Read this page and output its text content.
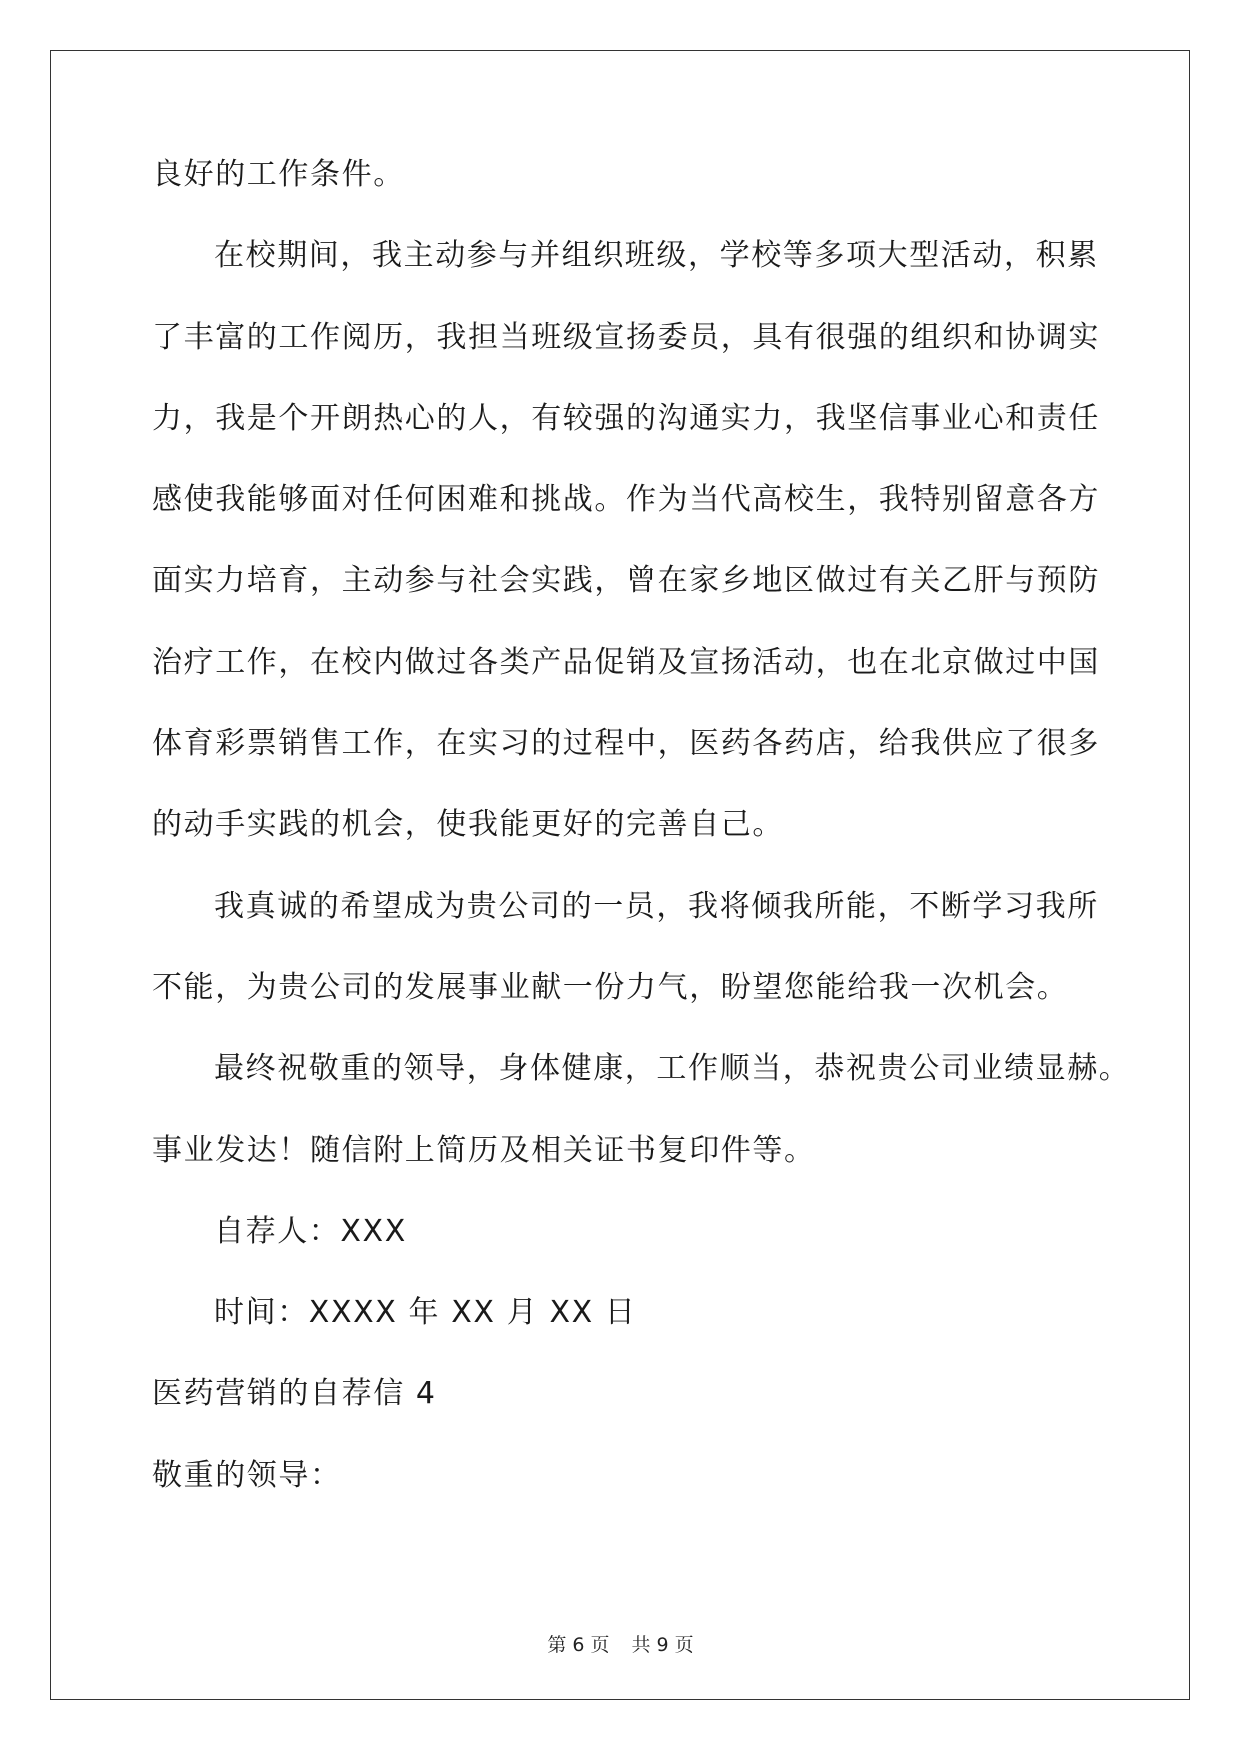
良好的工作条件。
在校期间，我主动参与并组织班级，学校等多项大型活动，积累
了丰富的工作阅历，我担当班级宣扬委员，具有很强的组织和协调实
力，我是个开朗热心的人，有较强的沟通实力，我坚信事业心和责任
感使我能够面对任何困难和挑战。作为当代高校生，我特别留意各方
面实力培育，主动参与社会实践，曾在家乡地区做过有关乙肝与预防
治疗工作，在校内做过各类产品促销及宣扬活动，也在北京做过中国
体育彩票销售工作，在实习的过程中，医药各药店，给我供应了很多
的动手实践的机会，使我能更好的完善自己。
我真诚的希望成为贵公司的一员，我将倾我所能，不断学习我所
不能，为贵公司的发展事业献一份力气，盼望您能给我一次机会。
最终祝敬重的领导，身体健康，工作顺当，恭祝贵公司业绩显赫。
事业发达！随信附上简历及相关证书复印件等。
自荐人：XXX
时间：XXXX 年 XX 月 XX 日
医药营销的自荐信 4
敬重的领导：
第 6 页 共 9 页
